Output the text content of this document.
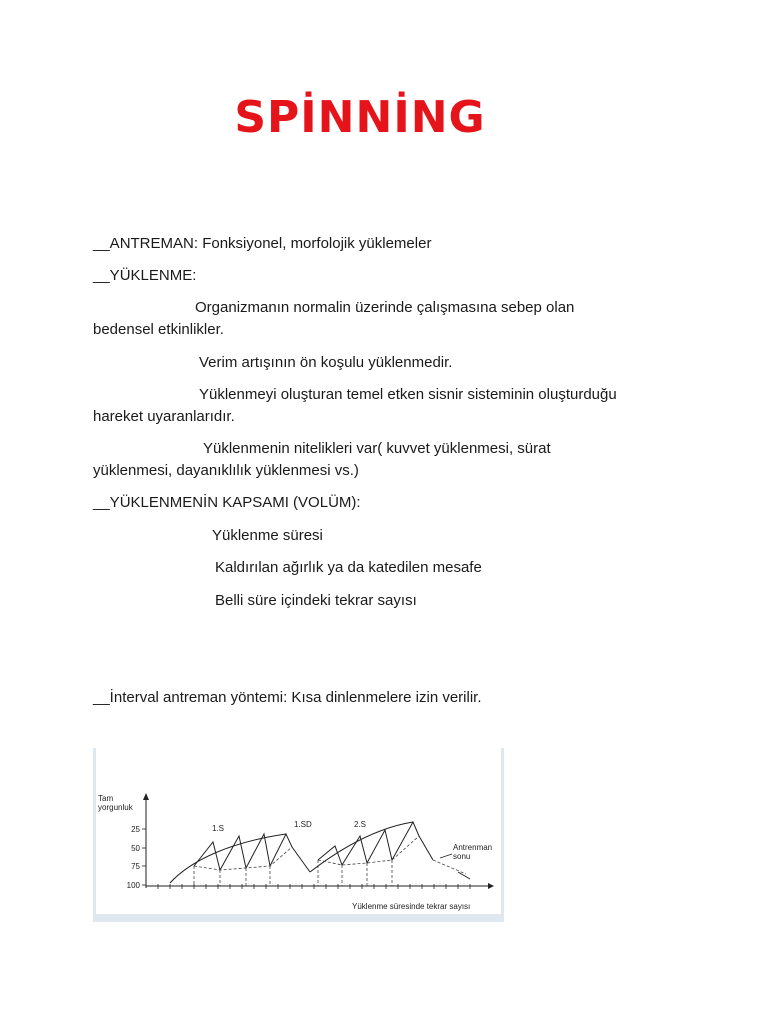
SPİNNİNG
__ANTREMAN: Fonksiyonel, morfolojik yüklemeler
__YÜKLENME:
Organizmanın normalin üzerinde çalışmasına sebep olan
bedensel etkinlikler.
Verim artışının ön koşulu yüklenmedir.
Yüklenmeyi oluşturan temel etken sisnir sisteminin oluşturduğu
hareket uyaranlarıdır.
Yüklenmenin nitelikleri var( kuvvet yüklenmesi, sürat
yüklenmesi, dayanıklılık yüklenmesi vs.)
__YÜKLENMENİN KAPSAMI (VOLÜM):
Yüklenme süresi
Kaldırılan ağırlık ya da katedilen mesafe
Belli süre içindeki tekrar sayısı
__İnterval antreman yöntemi: Kısa dinlenmelere izin verilir.
25
50
75
100
Tam yorgunluk
Yüklenme süresinde tekrar sayısı
1.S	1.SD	2.S
Antrenman sonu
